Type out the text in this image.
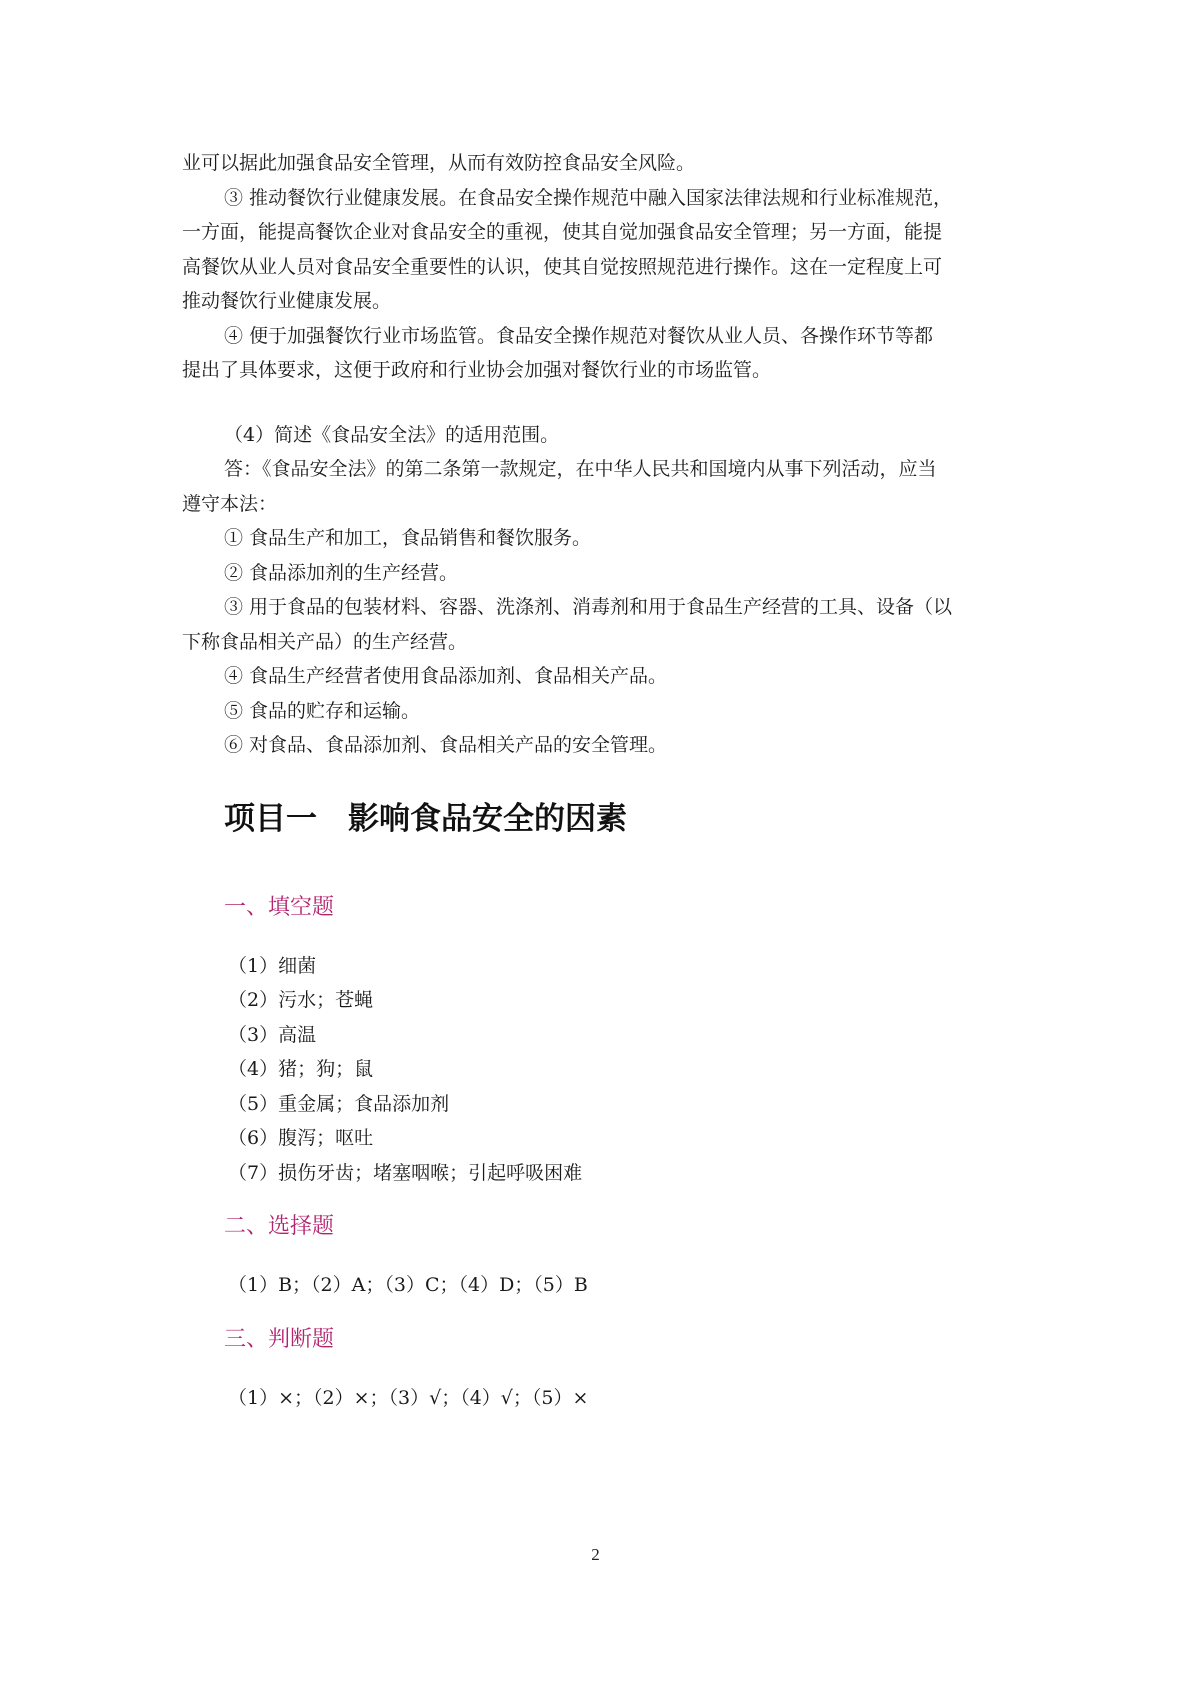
业可以据此加强食品安全管理，从而有效防控食品安全风险。
③ 推动餐饮行业健康发展。在食品安全操作规范中融入国家法律法规和行业标准规范，
一方面，能提高餐饮企业对食品安全的重视，使其自觉加强食品安全管理；另一方面，能提
高餐饮从业人员对食品安全重要性的认识，使其自觉按照规范进行操作。这在一定程度上可
推动餐饮行业健康发展。
④ 便于加强餐饮行业市场监管。食品安全操作规范对餐饮从业人员、各操作环节等都
提出了具体要求，这便于政府和行业协会加强对餐饮行业的市场监管。
（4）简述《食品安全法》的适用范围。
答：《食品安全法》的第二条第一款规定，在中华人民共和国境内从事下列活动，应当
遵守本法：
① 食品生产和加工，食品销售和餐饮服务。
② 食品添加剂的生产经营。
③ 用于食品的包装材料、容器、洗涤剂、消毒剂和用于食品生产经营的工具、设备（以
下称食品相关产品）的生产经营。
④ 食品生产经营者使用食品添加剂、食品相关产品。
⑤ 食品的贮存和运输。
⑥ 对食品、食品添加剂、食品相关产品的安全管理。
项目一　影响食品安全的因素
一、填空题
（1）细菌
（2）污水；苍蝇
（3）高温
（4）猪；狗；鼠
（5）重金属；食品添加剂
（6）腹泻；呕吐
（7）损伤牙齿；堵塞咽喉；引起呼吸困难
二、选择题
（1）B；（2）A；（3）C；（4）D；（5）B
三、判断题
（1）×；（2）×；（3）√；（4）√；（5）×
2
